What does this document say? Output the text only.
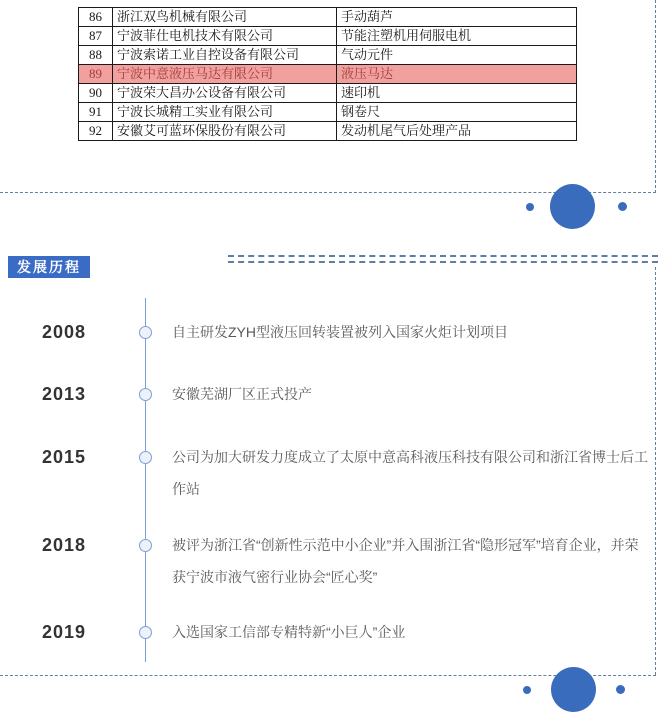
86	浙江双鸟机械有限公司	手动葫芦
87	宁波菲仕电机技术有限公司	节能注塑机用伺服电机
88	宁波索诺工业自控设备有限公司	气动元件
89	宁波中意液压马达有限公司	液压马达
90	宁波荣大昌办公设备有限公司	速印机
91	宁波长城精工实业有限公司	钢卷尺
92	安徽艾可蓝环保股份有限公司	发动机尾气后处理产品
发展历程
2008	自主研发ZYH型液压回转装置被列入国家火炬计划项目
2013	安徽芜湖厂区正式投产
2015	公司为加大研发力度成立了太原中意高科液压科技有限公司和浙江省博士后工作站
2018	被评为浙江省“创新性示范中小企业”并入围浙江省“隐形冠军”培育企业，并荣获宁波市液气密行业协会“匠心奖”
2019	入选国家工信部专精特新“小巨人”企业
